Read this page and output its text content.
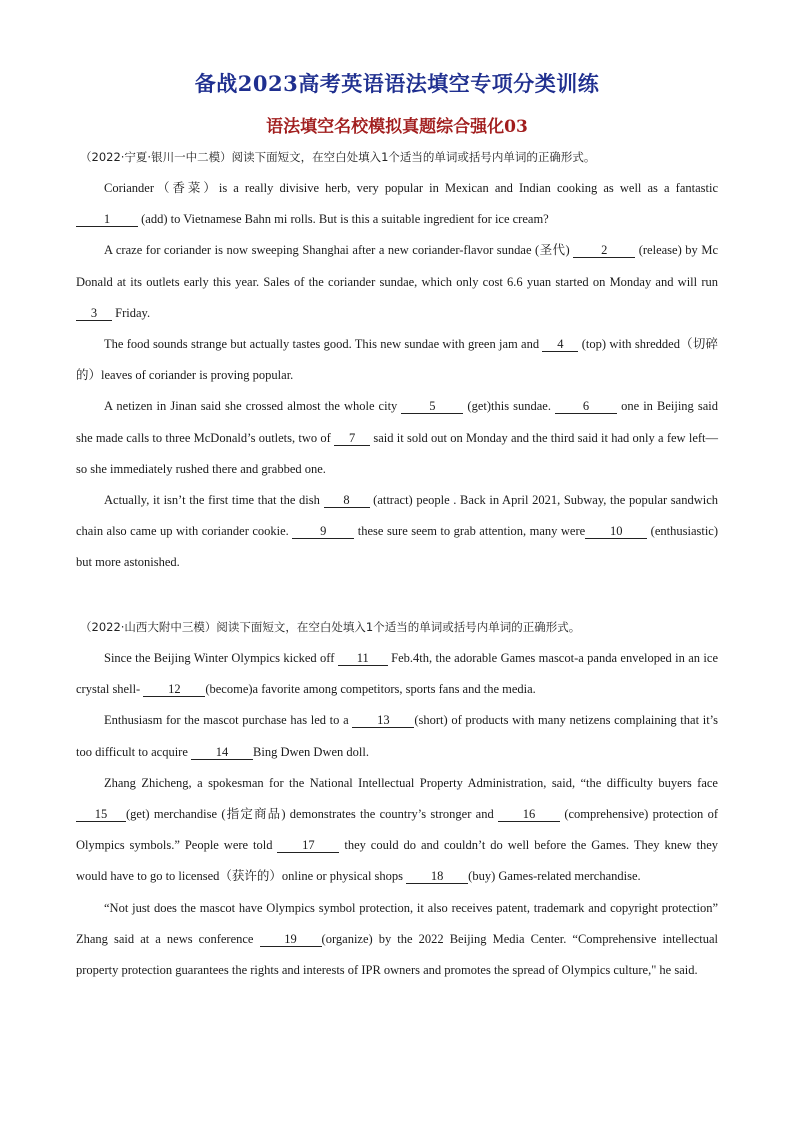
备战2023高考英语语法填空专项分类训练
语法填空名校模拟真题综合强化03
（2022·宁夏·银川一中二模）阅读下面短文，在空白处填入1个适当的单词或括号内单词的正确形式。

Coriander（香菜）is a really divisive herb, very popular in Mexican and Indian cooking as well as a fantastic 1 (add) to Vietnamese Bahn mi rolls. But is this a suitable ingredient for ice cream?

A craze for coriander is now sweeping Shanghai after a new coriander-flavor sundae (圣代) 2 (release) by Mc Donald at its outlets early this year. Sales of the coriander sundae, which only cost 6.6 yuan started on Monday and will run 3 Friday.

The food sounds strange but actually tastes good. This new sundae with green jam and 4 (top) with shredded（切碎的）leaves of coriander is proving popular.

A netizen in Jinan said she crossed almost the whole city 5 (get)this sundae. 6 one in Beijing said she made calls to three McDonald’s outlets, two of 7 said it sold out on Monday and the third said it had only a few left—so she immediately rushed there and grabbed one.

Actually, it isn’t the first time that the dish 8 (attract) people . Back in April 2021, Subway, the popular sandwich chain also came up with coriander cookie. 9 these sure seem to grab attention, many were 10 (enthusiastic) but more astonished.

（2022·山西大附中三模）阅读下面短文，在空白处填入1个适当的单词或括号内单词的正确形式。

Since the Beijing Winter Olympics kicked off 11 Feb.4th, the adorable Games mascot-a panda enveloped in an ice crystal shell- 12 (become)a favorite among competitors, sports fans and the media.

Enthusiasm for the mascot purchase has led to a 13 (short) of products with many netizens complaining that it’s too difficult to acquire 14 Bing Dwen Dwen doll.

Zhang Zhicheng, a spokesman for the National Intellectual Property Administration, said, “the difficulty buyers face 15 (get) merchandise (指定商品) demonstrates the country’s stronger and 16 (comprehensive) protection of Olympics symbols.” People were told 17 they could do and couldn’t do well before the Games. They knew they would have to go to licensed（获许的）online or physical shops 18 (buy) Games-related merchandise.

“Not just does the mascot have Olympics symbol protection, it also receives patent, trademark and copyright protection” Zhang said at a news conference 19 (organize) by the 2022 Beijing Media Center. “Comprehensive intellectual property protection guarantees the rights and interests of IPR owners and promotes the spread of Olympics culture," he said.
